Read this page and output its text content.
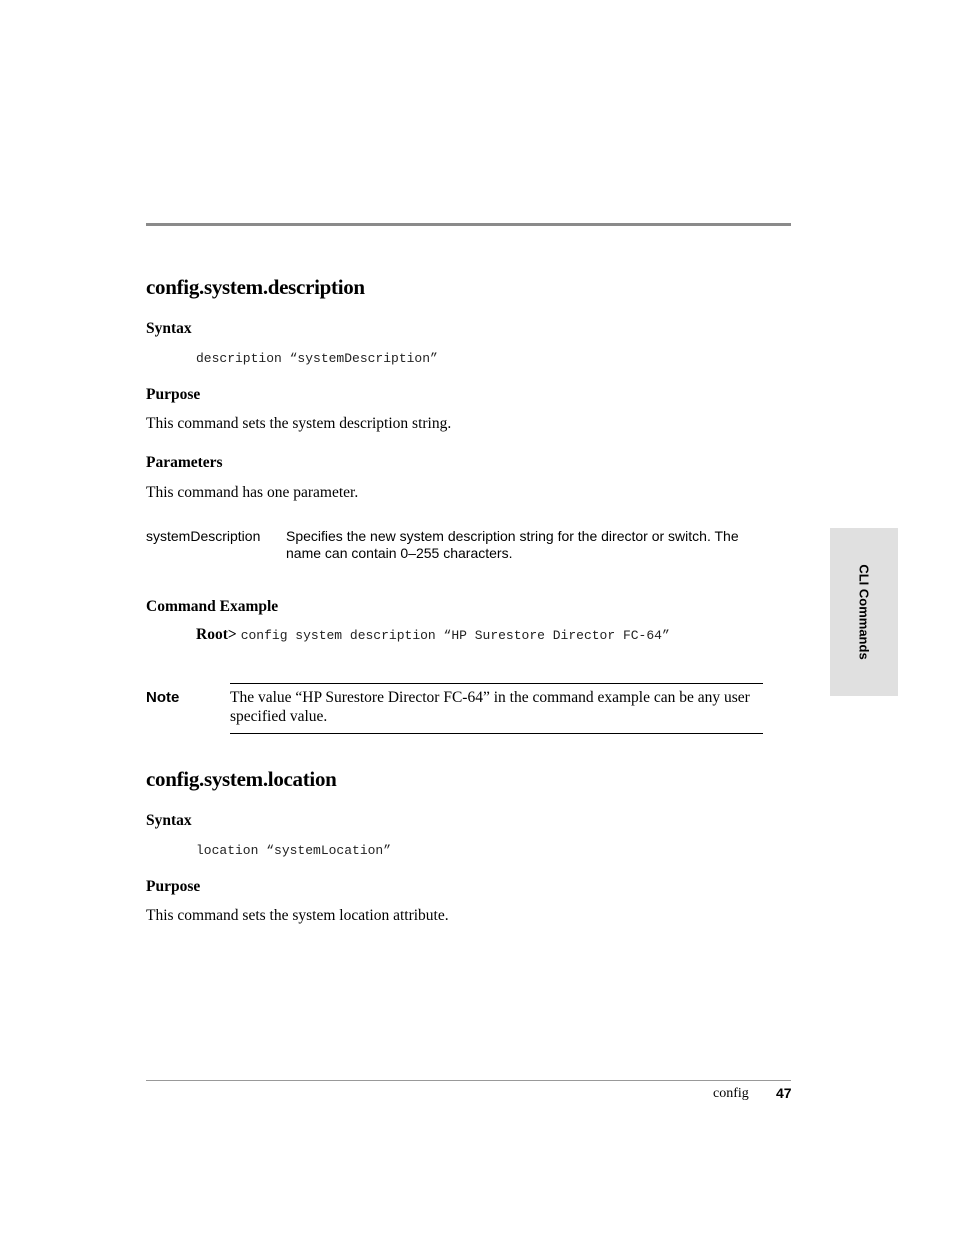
config.system.description
Syntax
description “systemDescription”
Purpose
This command sets the system description string.
Parameters
This command has one parameter.
systemDescription Specifies the new system description string for the director or switch. The name can contain 0–255 characters.
Command Example
Root> config system description “HP Surestore Director FC-64”
Note	The value “HP Surestore Director FC-64” in the command example can be any user specified value.
config.system.location
Syntax
location “systemLocation”
Purpose
This command sets the system location attribute.
CLI Commands
config 47
